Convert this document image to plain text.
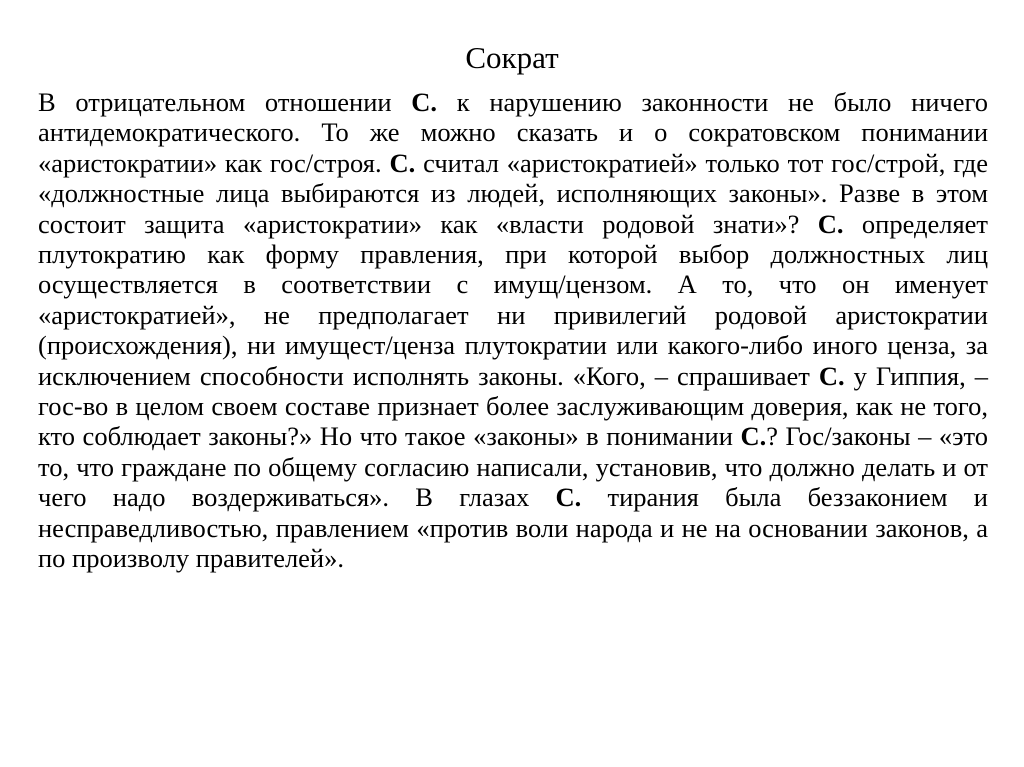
Сократ

В отрицательном отношении С. к нарушению законности не было ничего антидемократического. То же можно сказать и о сократовском понимании «аристократии» как гос/строя. С. считал «аристократией» только тот гос/строй, где «должностные лица выбираются из людей, исполняющих законы». Разве в этом состоит защита «аристократии» как «власти родовой знати»? С. определяет плутократию как форму правления, при которой выбор должностных лиц осуществляется в соответствии с имущ/цензом. А то, что он именует «аристократией», не предполагает ни привилегий родовой аристократии (происхождения), ни имущест/ценза плутократии или какого-либо иного ценза, за исключением способности исполнять законы. «Кого, – спрашивает С. у Гиппия, – гос-во в целом своем составе признает более заслуживающим доверия, как не того, кто соблюдает законы?» Но что такое «законы» в понимании С.? Гос/законы – «это то, что граждане по общему согласию написали, установив, что должно делать и от чего надо воздерживаться». В глазах С. тирания была беззаконием и несправедливостью, правлением «против воли народа и не на основании законов, а по произволу правителей».
